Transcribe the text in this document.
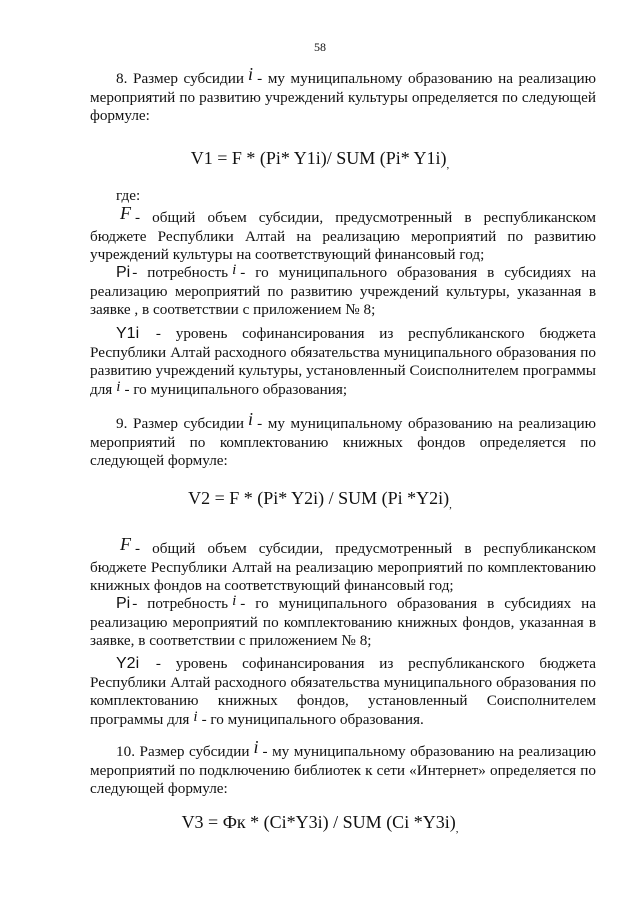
58

8. Размер субсидии i - му муниципальному образованию на реализацию мероприятий по развитию учреждений культуры определяется по следующей формуле:

V1 = F * (Pi* Y1i)/ SUM (Pi* $Y1i)_,$
где:

F - общий объем субсидии, предусмотренный в республиканском бюджете Республики Алтай на реализацию мероприятий по развитию учреждений культуры на соответствующий финансовый год;

Pi - потребность i - го муниципального образования в субсидиях на реализацию мероприятий по развитию учреждений культуры, указанная в заявке , в соответствии с приложением № 8;

Y1i - уровень софинансирования из республиканского бюджета Республики Алтай расходного обязательства муниципального образования по развитию учреждений культуры, установленный Соисполнителем программы для i - го муниципального образования;

9. Размер субсидии i - му муниципальному образованию на реализацию мероприятий по комплектованию книжных фондов определяется по следующей формуле:

V2 = F * (Pi* Y2i) / SUM (Pi $*Y2i)_,$

F - общий объем субсидии, предусмотренный в республиканском бюджете Республики Алтай на реализацию мероприятий по комплектованию книжных фондов на соответствующий финансовый год;

Pi - потребность i - го муниципального образования в субсидиях на реализацию мероприятий по комплектованию книжных фондов, указанная в заявке, в соответствии с приложением № 8;

Y2i - уровень софинансирования из республиканского бюджета Республики Алтай расходного обязательства муниципального образования по комплектованию книжных фондов, установленный Соисполнителем программы для i - го муниципального образования.

10. Размер субсидии i - му муниципальному образованию на реализацию мероприятий по подключению библиотек к сети «Интернет» определяется по следующей формуле:

V3 = Фк * (Ci*Y3i) / SUM (Ci $*Y3i)_,$
